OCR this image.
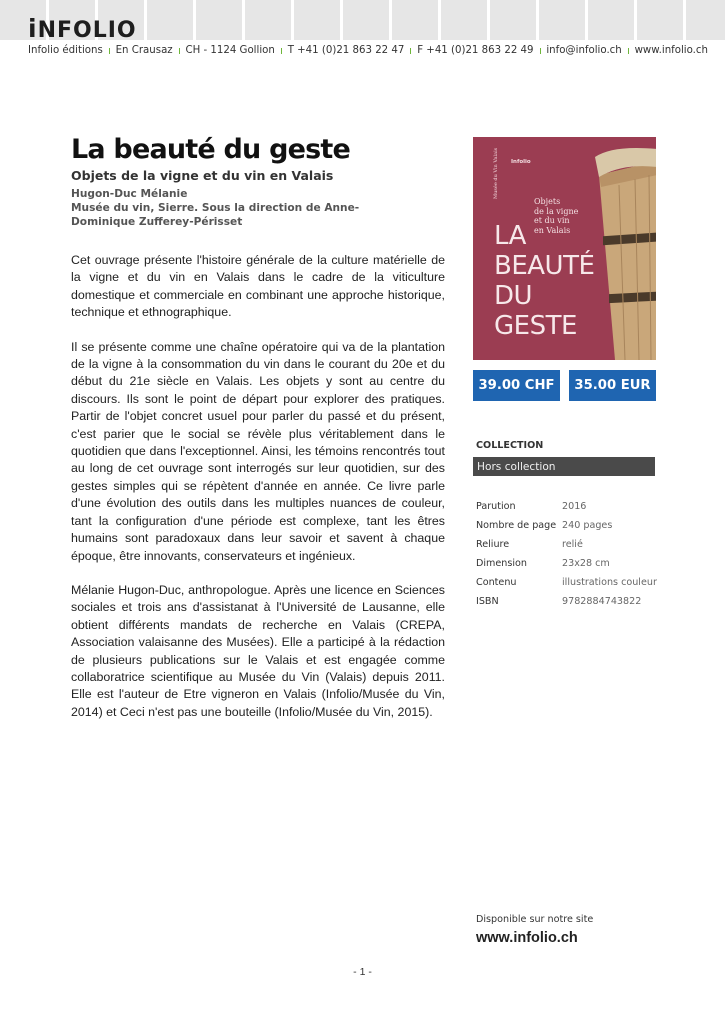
iNFOLIO
Infolio éditions En Crausaz CH - 1124 Gollion T +41 (0)21 863 22 47 F +41 (0)21 863 22 49 info@infolio.ch www.infolio.ch
La beauté du geste
Objets de la vigne et du vin en Valais
Hugon-Duc Mélanie
Musée du vin, Sierre. Sous la direction de Anne-Dominique Zufferey-Périsset

Cet ouvrage présente l'histoire générale de la culture matérielle de la vigne et du vin en Valais dans le cadre de la viticulture domestique et commerciale en combinant une approche historique, technique et ethnographique.

Il se présente comme une chaîne opératoire qui va de la plantation de la vigne à la consommation du vin dans le courant du 20e et du début du 21e siècle en Valais. Les objets y sont au centre du discours. Ils sont le point de départ pour explorer des pratiques. Partir de l'objet concret usuel pour parler du passé et du présent, c'est parier que le social se révèle plus véritablement dans le quotidien que dans l'exceptionnel. Ainsi, les témoins rencontrés tout au long de cet ouvrage sont interrogés sur leur quotidien, sur des gestes simples qui se répètent d'année en année. Ce livre parle d'une évolution des outils dans les multiples nuances de couleur, tant la configuration d'une période est complexe, tant les êtres humains sont paradoxaux dans leur savoir et savent à chaque époque, être innovants, conservateurs et ingénieux.

Mélanie Hugon-Duc, anthropologue. Après une licence en Sciences sociales et trois ans d'assistanat à l'Université de Lausanne, elle obtient différents mandats de recherche en Valais (CREPA, Association valaisanne des Musées). Elle a participé à la rédaction de plusieurs publications sur le Valais et est engagée comme collaboratrice scientifique au Musée du Vin (Valais) depuis 2011. Elle est l'auteur de Etre vigneron en Valais (Infolio/Musée du Vin, 2014) et Ceci n'est pas une bouteille (Infolio/Musée du Vin, 2015).

Musée du Vin Valais	Infolio
Objets
de la vigne
et du vin
en Valais
LA
BEAUTÉ
DU
GESTE
39.00 CHF	35.00 EUR
COLLECTION
Hors collection
Parution	2016
Nombre de page 240 pages
Reliure	relié
Dimension	23x28 cm
Contenu	illustrations couleur
ISBN	9782884743822
Disponible sur notre site
www.infolio.ch
- 1 -
